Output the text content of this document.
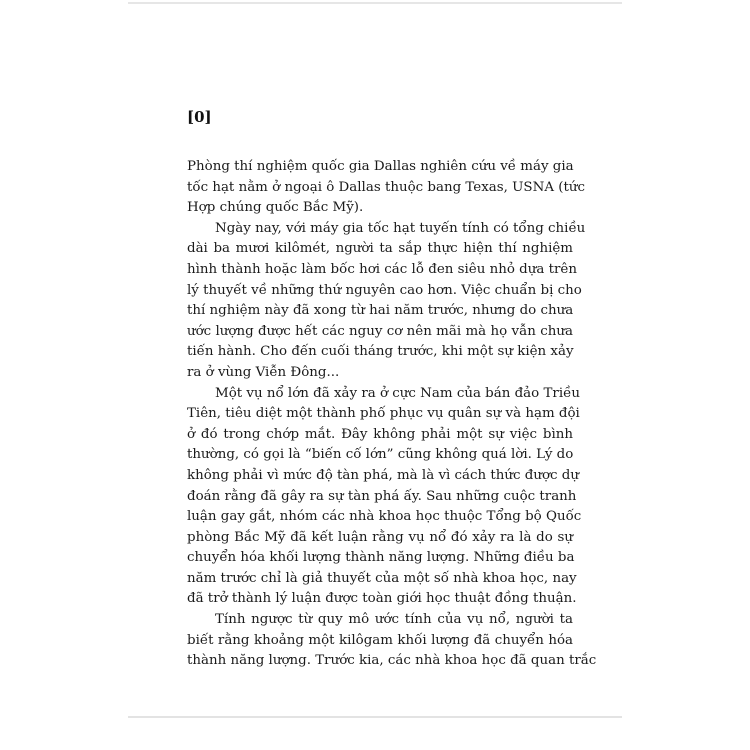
[0]
Phòng thí nghiệm quốc gia Dallas nghiên cứu về máy gia
tốc hạt nằm ở ngoại ô Dallas thuộc bang Texas, USNA (tức
Hợp chúng quốc Bắc Mỹ).
Ngày nay, với máy gia tốc hạt tuyến tính có tổng chiều
dài ba mươi kilômét, người ta sắp thực hiện thí nghiệm
hình thành hoặc làm bốc hơi các lỗ đen siêu nhỏ dựa trên
lý thuyết về những thứ nguyên cao hơn. Việc chuẩn bị cho
thí nghiệm này đã xong từ hai năm trước, nhưng do chưa
ước lượng được hết các nguy cơ nên mãi mà họ vẫn chưa
tiến hành. Cho đến cuối tháng trước, khi một sự kiện xảy
ra ở vùng Viễn Đông...
Một vụ nổ lớn đã xảy ra ở cực Nam của bán đảo Triều
Tiên, tiêu diệt một thành phố phục vụ quân sự và hạm đội
ở đó trong chớp mắt. Đây không phải một sự việc bình
thường, có gọi là “biến cố lớn” cũng không quá lời. Lý do
không phải vì mức độ tàn phá, mà là vì cách thức được dự
đoán rằng đã gây ra sự tàn phá ấy. Sau những cuộc tranh
luận gay gắt, nhóm các nhà khoa học thuộc Tổng bộ Quốc
phòng Bắc Mỹ đã kết luận rằng vụ nổ đó xảy ra là do sự
chuyển hóa khối lượng thành năng lượng. Những điều ba
năm trước chỉ là giả thuyết của một số nhà khoa học, nay
đã trở thành lý luận được toàn giới học thuật đồng thuận.
Tính ngược từ quy mô ước tính của vụ nổ, người ta
biết rằng khoảng một kilôgam khối lượng đã chuyển hóa
thành năng lượng. Trước kia, các nhà khoa học đã quan trắc
